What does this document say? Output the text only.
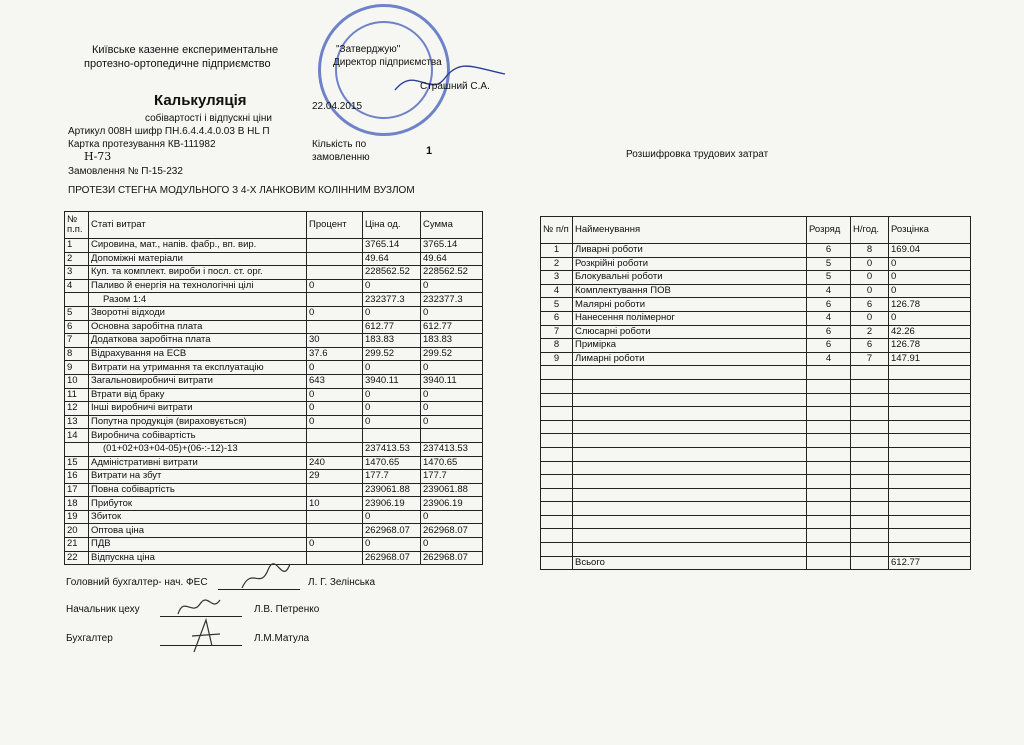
Київське казенне експериментальне
протезно-ортопедичне підприємство
"Затверджую"
Директор підприємства
Страшний С.А.
22.04.2015
Калькуляція
собівартості і відпускні ціни
Артикул 008Н шифр ПН.6.4.4.4.0.03 В HL П
Картка протезування КВ-111982
Н-73
Замовлення № П-15-232
Кількість по
замовленню
1	Розшифровка трудових затрат
ПРОТЕЗИ СТЕГНА МОДУЛЬНОГО З 4-Х ЛАНКОВИМ КОЛІННИМ ВУЗЛОМ
№ п.п.	Статі витрат	Процент	Ціна од.	Сумма
1	Сировина, мат., напів. фабр., вп. вир.		3765.14	3765.14
2	Допоміжні матеріали		49.64	49.64
3	Куп. та комплект. вироби і посл. ст. орг.		228562.52	228562.52
4	Паливо й енергія на технологічні цілі	0	0	0
	Разом 1:4		232377.3	232377.3
5	Зворотні відходи	0	0	0
6	Основна заробітна плата		612.77	612.77
7	Додаткова заробітна плата	30	183.83	183.83
8	Відрахування на ЕСВ	37.6	299.52	299.52
9	Витрати на утримання та експлуатацію	0	0	0
10	Загальновиробничі витрати	643	3940.11	3940.11
11	Втрати від браку	0	0	0
12	Інші виробничі витрати	0	0	0
13	Попутна продукція (вираховується)	0	0	0
14	Виробнича собівартість			
	(01+02+03+04-05)+(06-:-12)-13		237413.53	237413.53
15	Адміністративні витрати	240	1470.65	1470.65
16	Витрати на збут	29	177.7	177.7
17	Повна собівартість		239061.88	239061.88
18	Прибуток	10	23906.19	23906.19
19	Збиток		0	0
20	Оптова ціна		262968.07	262968.07
21	ПДВ	0	0	0
22	Відпускна ціна		262968.07	262968.07
№ п/п	Найменування	Розряд	Н/год.	Розцінка
1	Ливарні роботи	6	8	169.04
2	Розкрійні роботи	5	0	0
3	Блокувальні роботи	5	0	0
4	Комплектування ПОВ	4	0	0
5	Малярні роботи	6	6	126.78
6	Нанесення полімерног	4	0	0
7	Слюсарні роботи	6	2	42.26
8	Примірка	6	6	126.78
9	Лимарні роботи	4	7	147.91

	Всього			612.77
Головний бухгалтер- нач. ФЕС	Л. Г. Зелінська
Начальник цеху	Л.В. Петренко
Бухгалтер	Л.М.Матула
